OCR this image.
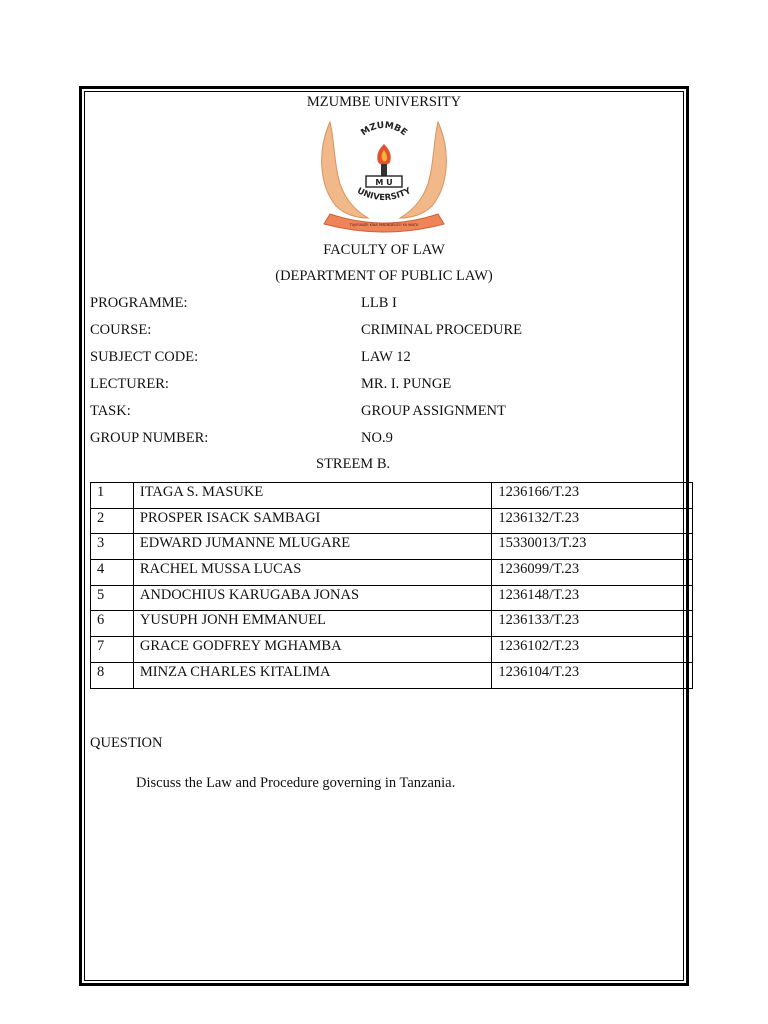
MZUMBE UNIVERSITY
MZUMBE
M U
UNIVERSITY
TUJIFUNZE KWA MAENDELEO YA WATU
FACULTY OF LAW
(DEPARTMENT OF PUBLIC LAW)
PROGRAMME:	LLB I
COURSE:	CRIMINAL PROCEDURE
SUBJECT CODE:	LAW 12
LECTURER:	MR. I. PUNGE
TASK:	GROUP ASSIGNMENT
GROUP NUMBER:	NO.9
STREEM B.
1	ITAGA S. MASUKE	1236166/T.23
2	PROSPER ISACK SAMBAGI	1236132/T.23
3	EDWARD JUMANNE MLUGARE	15330013/T.23
4	RACHEL MUSSA LUCAS	1236099/T.23
5	ANDOCHIUS KARUGABA JONAS	1236148/T.23
6	YUSUPH JONH EMMANUEL	1236133/T.23
7	GRACE GODFREY MGHAMBA	1236102/T.23
8	MINZA CHARLES KITALIMA	1236104/T.23
QUESTION
Discuss the Law and Procedure governing in Tanzania.
